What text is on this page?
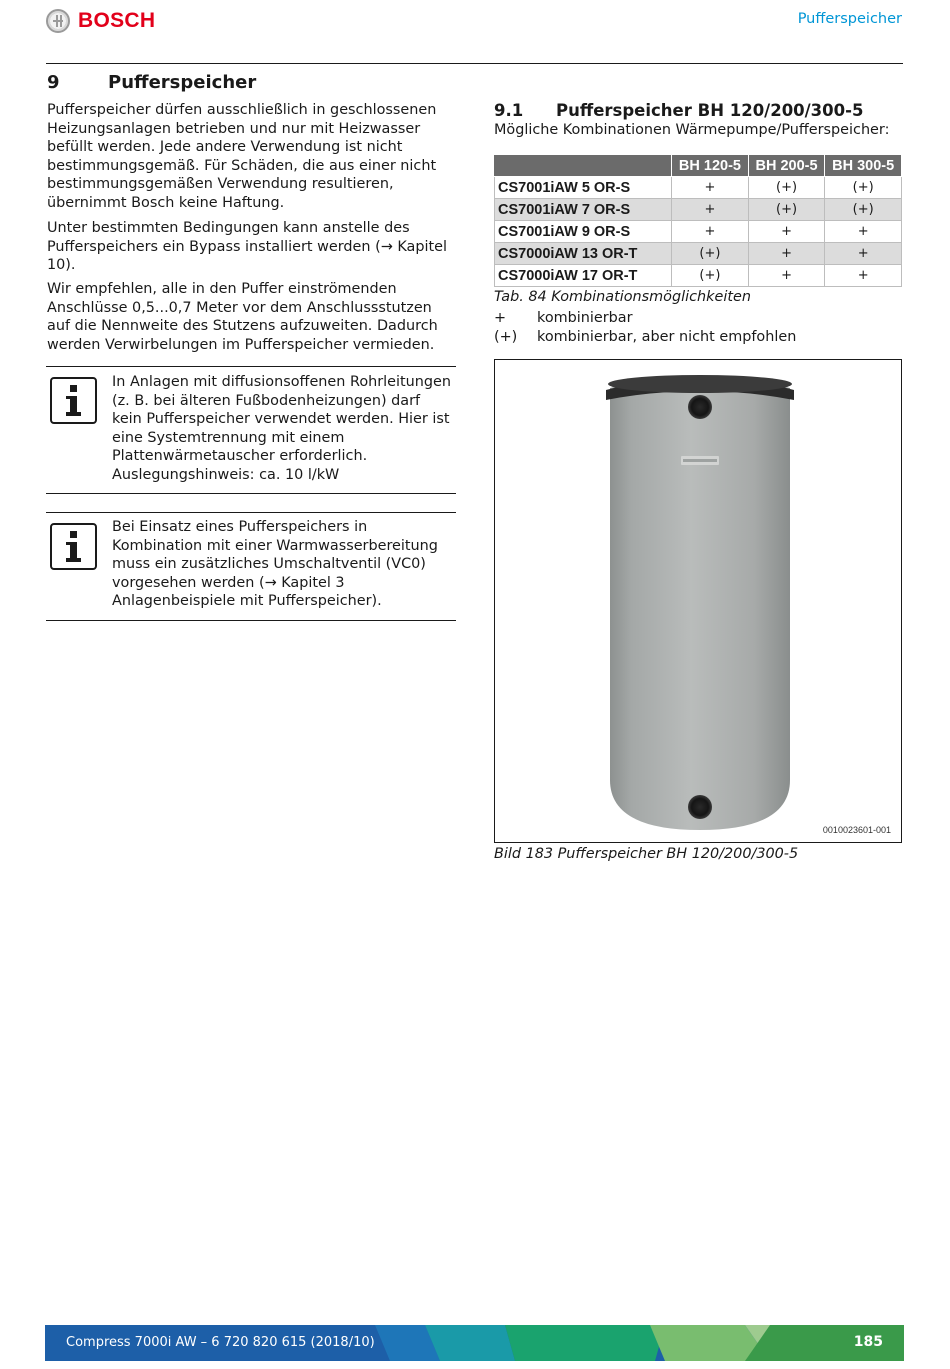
BOSCH	Pufferspeicher
9	Pufferspeicher
Pufferspeicher dürfen ausschließlich in geschlossenen Heizungsanlagen betrieben und nur mit Heizwasser befüllt werden. Jede andere Verwendung ist nicht bestimmungsgemäß. Für Schäden, die aus einer nicht bestimmungsgemäßen Verwendung resultieren, übernimmt Bosch keine Haftung.
Unter bestimmten Bedingungen kann anstelle des Pufferspeichers ein Bypass installiert werden (→ Kapitel 10).
Wir empfehlen, alle in den Puffer einströmenden Anschlüsse 0,5...0,7 Meter vor dem Anschlussstutzen auf die Nennweite des Stutzens aufzuweiten. Dadurch werden Verwirbelungen im Pufferspeicher vermieden.
In Anlagen mit diffusionsoffenen Rohrleitungen (z. B. bei älteren Fußbodenheizungen) darf kein Pufferspeicher verwendet werden. Hier ist eine Systemtrennung mit einem Plattenwärmetauscher erforderlich. Auslegungshinweis: ca. 10 l/kW
Bei Einsatz eines Pufferspeichers in Kombination mit einer Warmwasserbereitung muss ein zusätzliches Umschaltventil (VC0) vorgesehen werden (→ Kapitel 3 Anlagenbeispiele mit Pufferspeicher).
9.1 Pufferspeicher BH 120/200/300-5
Mögliche Kombinationen Wärmepumpe/Pufferspeicher:
	BH 120-5	BH 200-5	BH 300-5
CS7001iAW 5 OR-S	+	(+)	(+)
CS7001iAW 7 OR-S	+	(+)	(+)
CS7001iAW 9 OR-S	+	+	+
CS7000iAW 13 OR-T	(+)	+	+
CS7000iAW 17 OR-T	(+)	+	+
Tab. 84 Kombinationsmöglichkeiten
+ kombinierbar
(+) kombinierbar, aber nicht empfohlen
0010023601-001
Bild 183 Pufferspeicher BH 120/200/300-5
Compress 7000i AW – 6 720 820 615 (2018/10)	185
